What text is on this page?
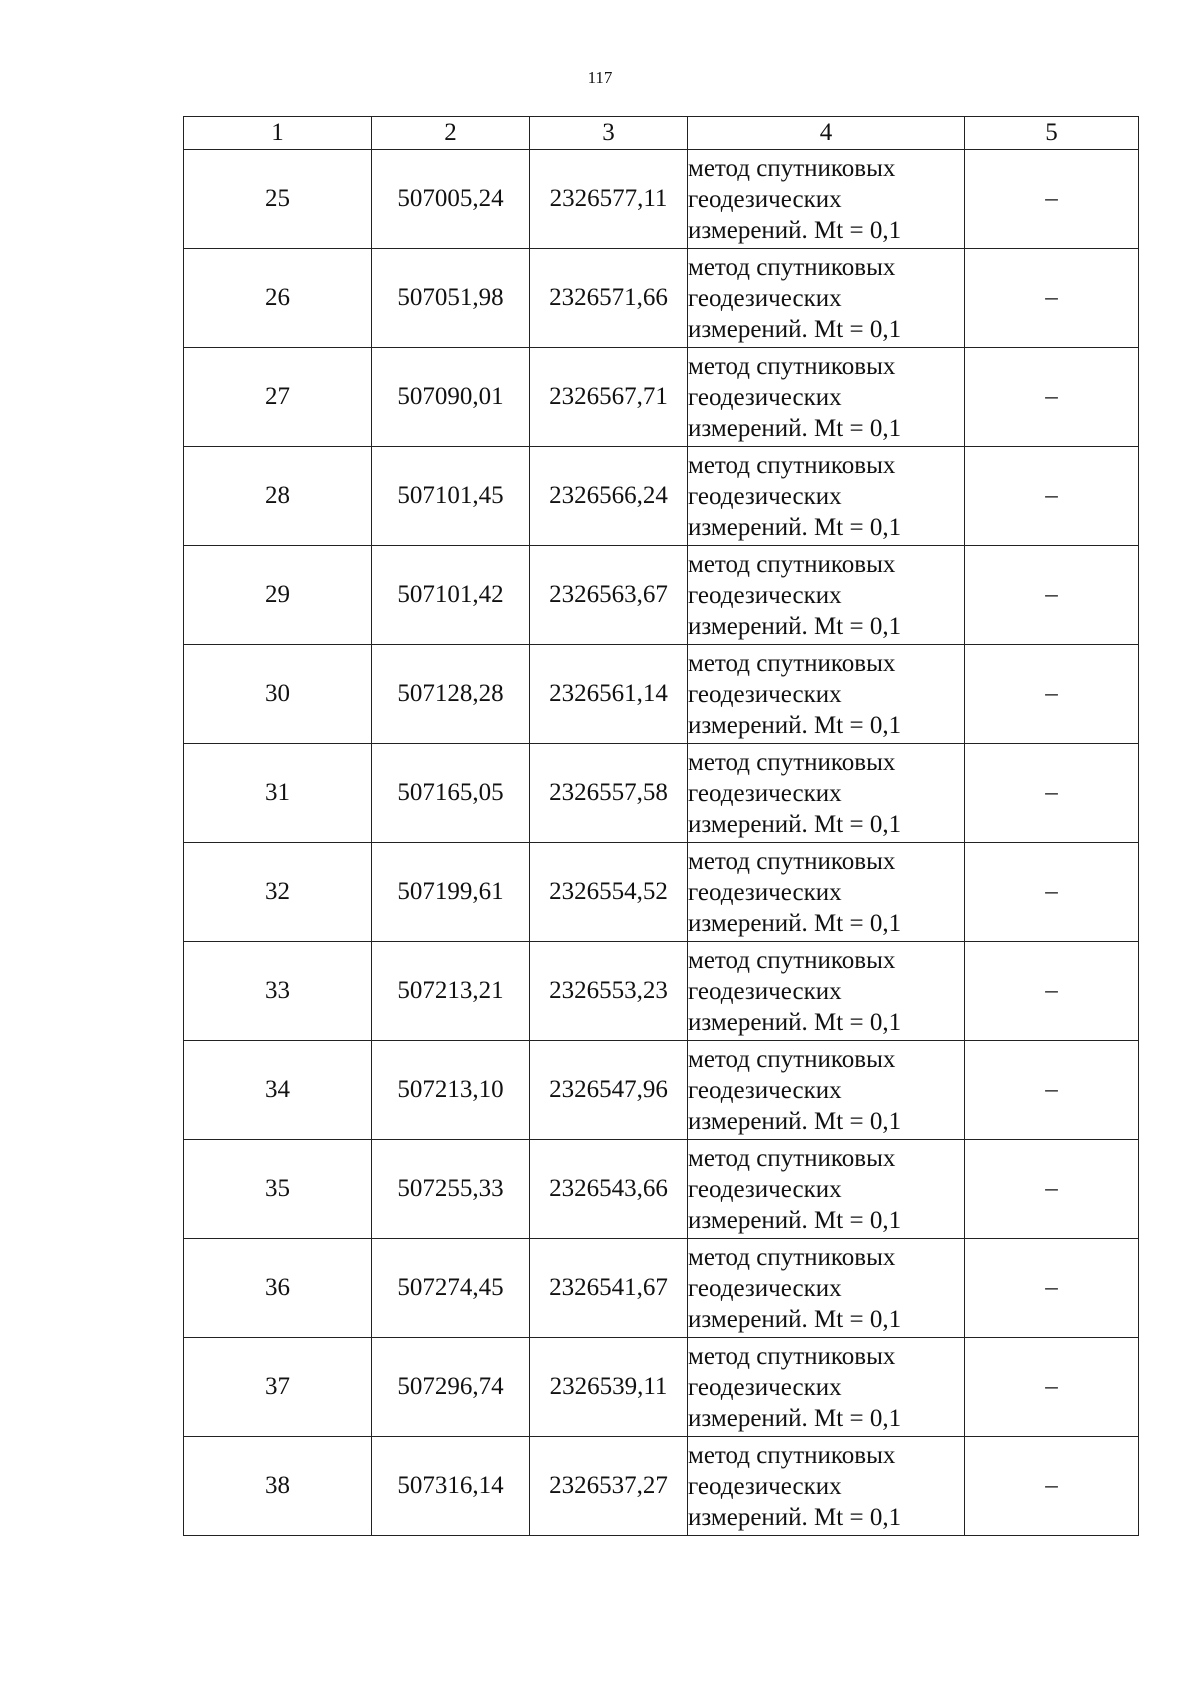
117
1	2	3	4	5
25	507005,24	2326577,11	метод спутниковых
геодезических
измерений. Mt = 0,1	–
26	507051,98	2326571,66	метод спутниковых
геодезических
измерений. Mt = 0,1	–
27	507090,01	2326567,71	метод спутниковых
геодезических
измерений. Mt = 0,1	–
28	507101,45	2326566,24	метод спутниковых
геодезических
измерений. Mt = 0,1	–
29	507101,42	2326563,67	метод спутниковых
геодезических
измерений. Mt = 0,1	–
30	507128,28	2326561,14	метод спутниковых
геодезических
измерений. Mt = 0,1	–
31	507165,05	2326557,58	метод спутниковых
геодезических
измерений. Mt = 0,1	–
32	507199,61	2326554,52	метод спутниковых
геодезических
измерений. Mt = 0,1	–
33	507213,21	2326553,23	метод спутниковых
геодезических
измерений. Mt = 0,1	–
34	507213,10	2326547,96	метод спутниковых
геодезических
измерений. Mt = 0,1	–
35	507255,33	2326543,66	метод спутниковых
геодезических
измерений. Mt = 0,1	–
36	507274,45	2326541,67	метод спутниковых
геодезических
измерений. Mt = 0,1	–
37	507296,74	2326539,11	метод спутниковых
геодезических
измерений. Mt = 0,1	–
38	507316,14	2326537,27	метод спутниковых
геодезических
измерений. Mt = 0,1	–
